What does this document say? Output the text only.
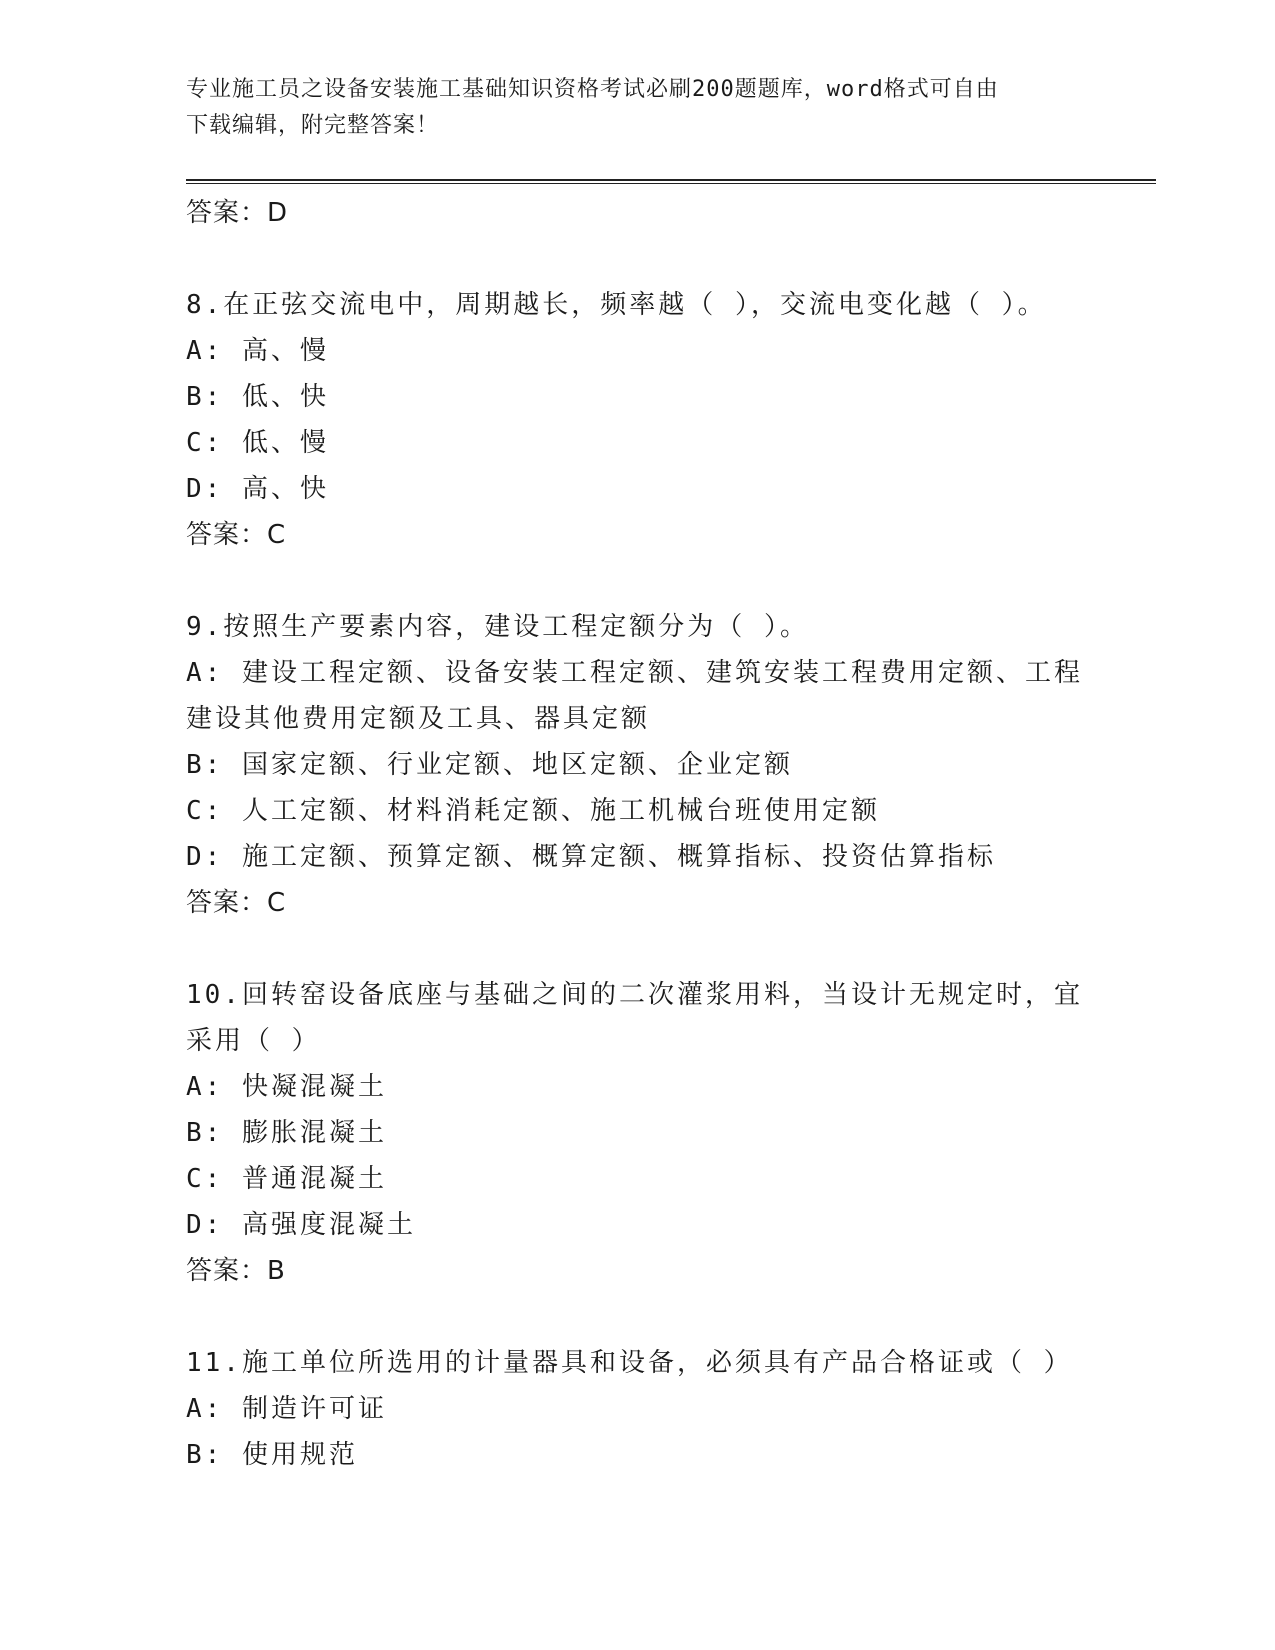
专业施工员之设备安装施工基础知识资格考试必刷200题题库，word格式可自由
下载编辑，附完整答案！
答案：D
8.在正弦交流电中，周期越长，频率越（ ），交流电变化越（ ）。
A: 高、慢
B: 低、快
C: 低、慢
D: 高、快
答案：C
9.按照生产要素内容，建设工程定额分为（ ）。
A: 建设工程定额、设备安装工程定额、建筑安装工程费用定额、工程
建设其他费用定额及工具、器具定额
B: 国家定额、行业定额、地区定额、企业定额
C: 人工定额、材料消耗定额、施工机械台班使用定额
D: 施工定额、预算定额、概算定额、概算指标、投资估算指标
答案：C
10.回转窑设备底座与基础之间的二次灌浆用料，当设计无规定时，宜
采用（ ）
A: 快凝混凝土
B: 膨胀混凝土
C: 普通混凝土
D: 高强度混凝土
答案：B
11.施工单位所选用的计量器具和设备，必须具有产品合格证或（ ）
A: 制造许可证
B: 使用规范
